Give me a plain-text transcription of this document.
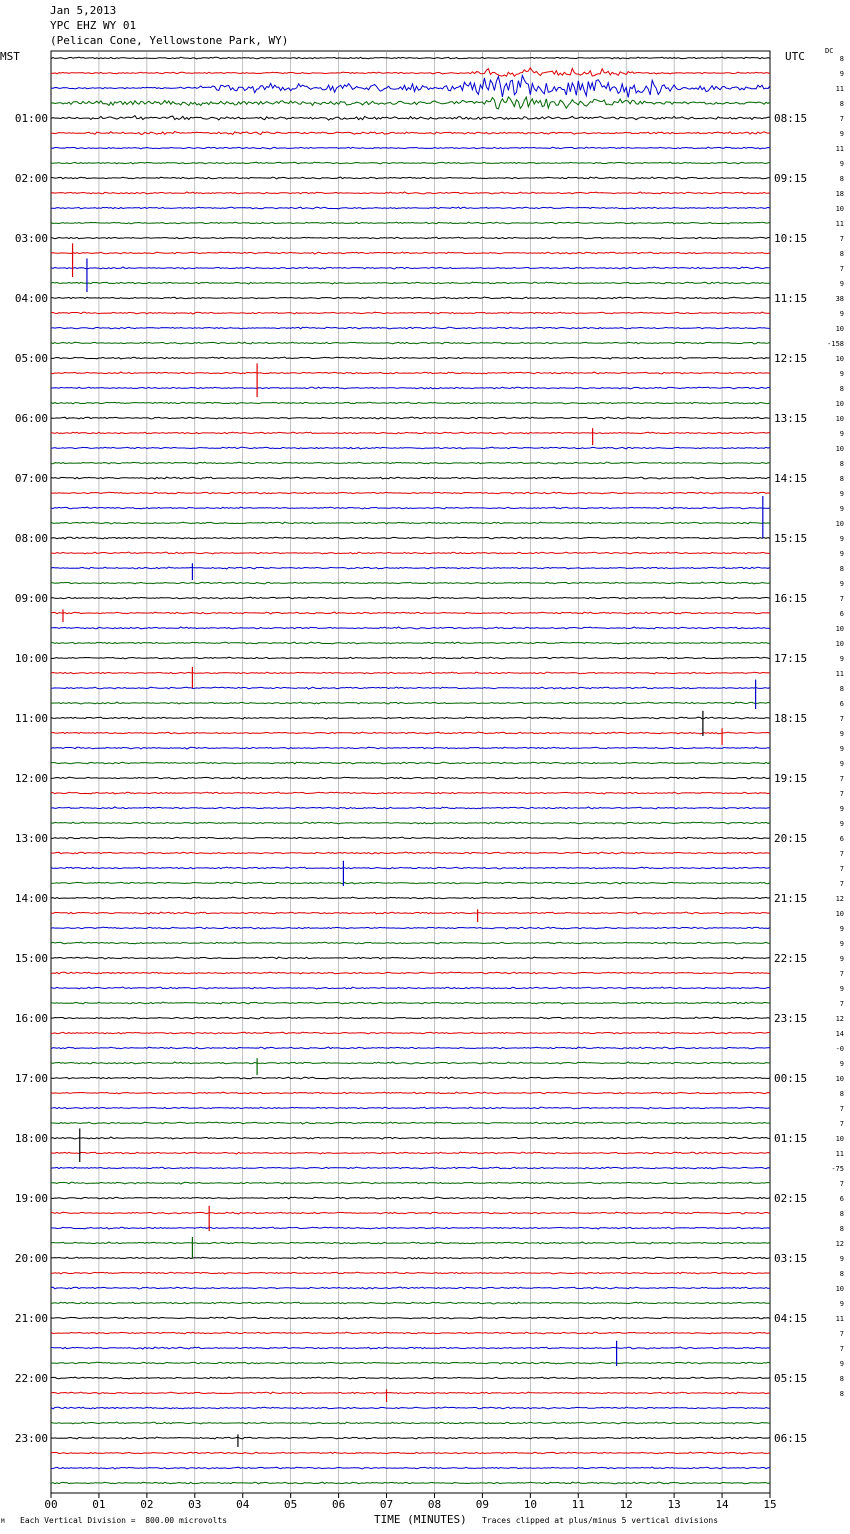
Jan 5,2013
YPC EHZ WY 01
(Pelican Cone, Yellowstone Park, WY)
MST	UTC	DC
00	01	02	03	04	05	06	07	08	09	10	11	12	13	14	15
01:00
02:00
03:00
04:00
05:00
06:00
07:00
08:00
09:00
10:00
11:00
12:00
13:00
14:00
15:00
16:00
17:00
18:00
19:00
20:00
21:00
22:00
23:00
08:15
09:15
10:15
11:15
12:15
13:15
14:15
15:15
16:15
17:15
18:15
19:15
20:15
21:15
22:15
23:15
00:15
01:15
02:15
03:15
04:15
05:15
06:15
8
9
11
8
7
9
11
9
8
18
10
11
7
8
7
9
38
9
10
-158
10
9
8
10
10
9
10
8
8
9
9
10
9
9
8
9
7
6
10
10
9
11
8
6
7
9
9
9
7
7
9
9
6
7
7
7
12
10
9
9
9
7
9
7
12
14
-0
9
10
8
7
7
10
11
-75
7
6
8
8
12
9
8
10
9
11
7
7
9
8
8
M Each Vertical Division =  800.00 microvolts	TIME (MINUTES) Traces clipped at plus/minus 5 vertical divisions
